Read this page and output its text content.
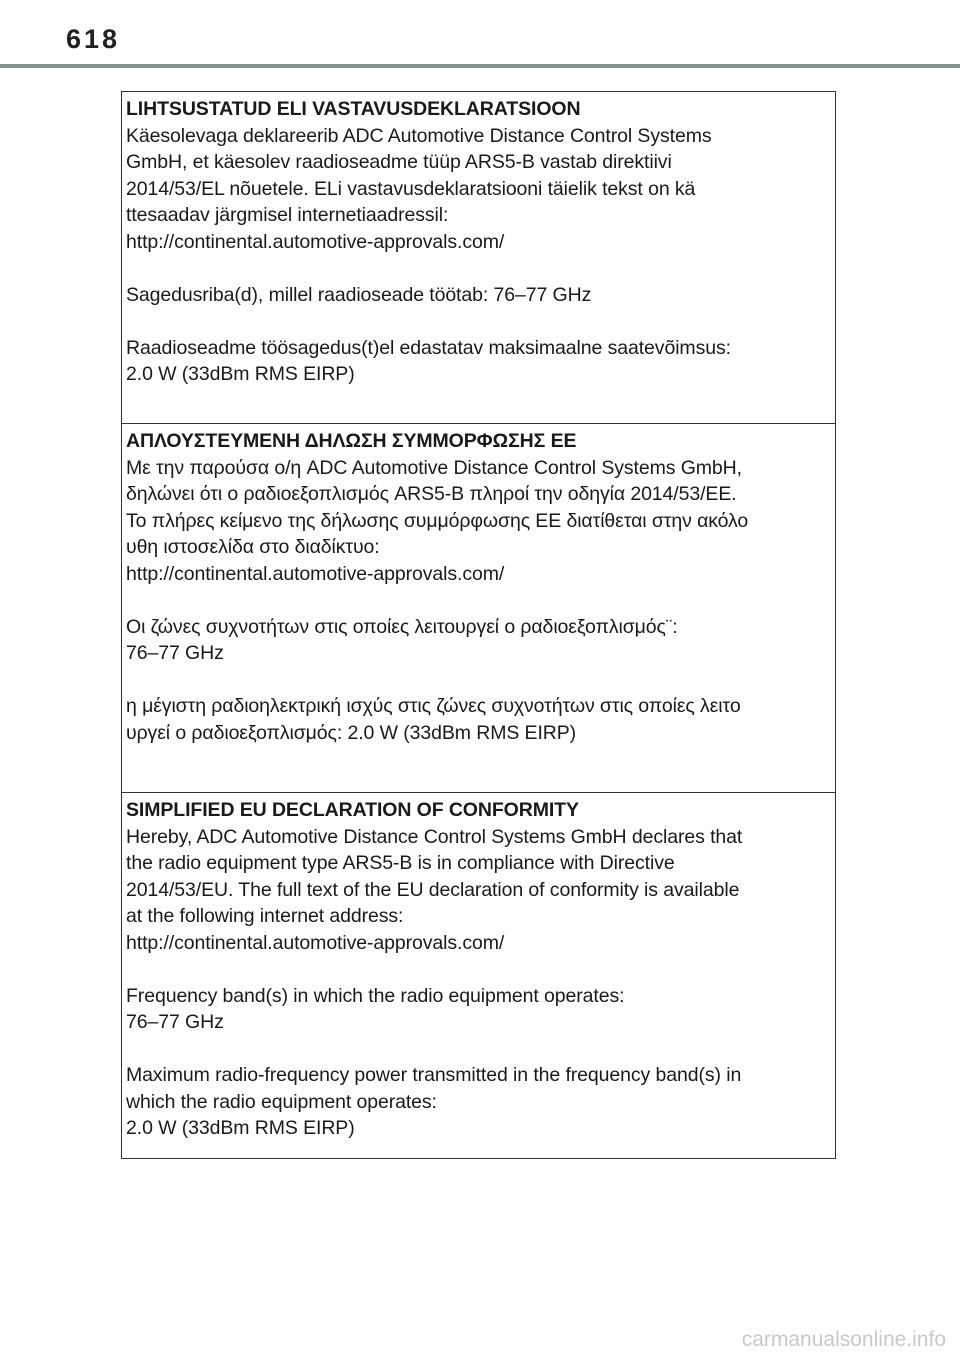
618
LIHTSUSTATUD ELI VASTAVUSDEKLARATSIOON
Käesolevaga deklareerib ADC Automotive Distance Control Systems
GmbH, et käesolev raadioseadme tüüp ARS5-B vastab direktiivi
2014/53/EL nõuetele. ELi vastavusdeklaratsiooni täielik tekst on kä
ttesaadav järgmisel internetiaadressil:
http://continental.automotive-approvals.com/
Sagedusriba(d), millel raadioseade töötab: 76–77 GHz
Raadioseadme töösagedus(t)el edastatav maksimaalne saatevõimsus:
2.0 W (33dBm RMS EIRP)
ΑΠΛΟΥΣΤΕΥΜΕΝΗ ΔΗΛΩΣΗ ΣΥΜΜΟΡΦΩΣΗΣ ΕΕ
Με την παρούσα ο/η ADC Automotive Distance Control Systems GmbH,
δηλώνει ότι ο ραδιοεξοπλισμός ARS5-B πληροί την οδηγία 2014/53/ΕΕ.
Το πλήρες κείμενο της δήλωσης συμμόρφωσης ΕΕ διατίθεται στην ακόλο
υθη ιστοσελίδα στο διαδίκτυο:
http://continental.automotive-approvals.com/
Οι ζώνες συχνοτήτων στις οποίες λειτουργεί ο ραδιοεξοπλισμός¨:
76–77 GHz
η μέγιστη ραδιοηλεκτρική ισχύς στις ζώνες συχνοτήτων στις οποίες λειτο
υργεί ο ραδιοεξοπλισμός: 2.0 W (33dBm RMS EIRP)
SIMPLIFIED EU DECLARATION OF CONFORMITY
Hereby, ADC Automotive Distance Control Systems GmbH declares that
the radio equipment type ARS5-B is in compliance with Directive
2014/53/EU. The full text of the EU declaration of conformity is available
at the following internet address:
http://continental.automotive-approvals.com/
Frequency band(s) in which the radio equipment operates:
76–77 GHz
Maximum radio-frequency power transmitted in the frequency band(s) in
which the radio equipment operates:
2.0 W (33dBm RMS EIRP)
carmanualsonline.info
